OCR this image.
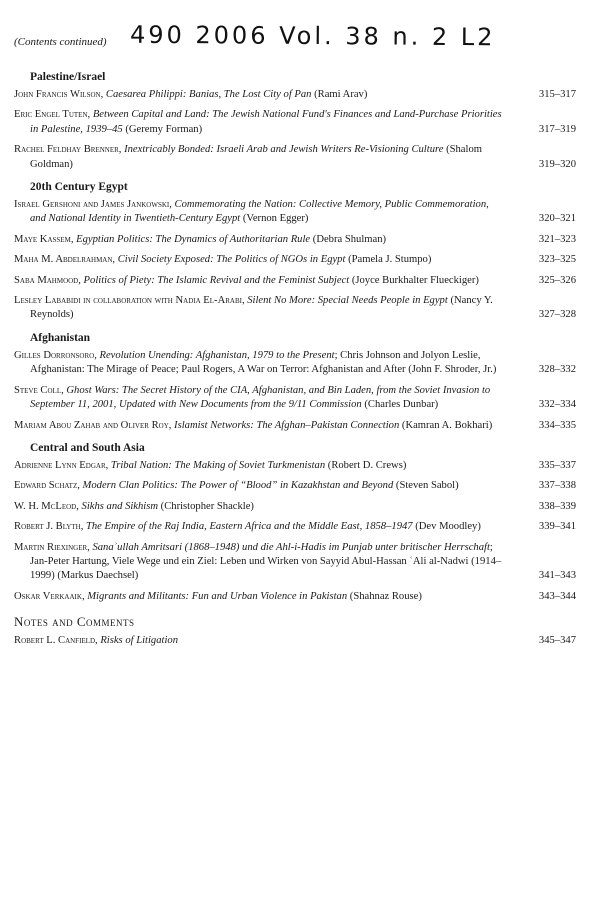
(Contents continued) 490 2006 Vol. 38 n. 2 L2
Palestine/Israel
John Francis Wilson, Caesarea Philippi: Banias, The Lost City of Pan (Rami Arav)	315–317
Eric Engel Tuten, Between Capital and Land: The Jewish National Fund's Finances and Land-Purchase Priorities in Palestine, 1939–45 (Geremy Forman)	317–319
Rachel Feldhay Brenner, Inextricably Bonded: Israeli Arab and Jewish Writers Re-Visioning Culture (Shalom Goldman)	319–320
20th Century Egypt
Israel Gershoni and James Jankowski, Commemorating the Nation: Collective Memory, Public Commemoration, and National Identity in Twentieth-Century Egypt (Vernon Egger)	320–321
Maye Kassem, Egyptian Politics: The Dynamics of Authoritarian Rule (Debra Shulman)	321–323
Maha M. Abdelrahman, Civil Society Exposed: The Politics of NGOs in Egypt (Pamela J. Stumpo)	323–325
Saba Mahmood, Politics of Piety: The Islamic Revival and the Feminist Subject (Joyce Burkhalter Flueckiger)	325–326
Lesley Lababidi in collaboration with Nadia El-Arabi, Silent No More: Special Needs People in Egypt (Nancy Y. Reynolds)	327–328
Afghanistan
Gilles Dorronsoro, Revolution Unending: Afghanistan, 1979 to the Present; Chris Johnson and Jolyon Leslie, Afghanistan: The Mirage of Peace; Paul Rogers, A War on Terror: Afghanistan and After (John F. Shroder, Jr.)	328–332
Steve Coll, Ghost Wars: The Secret History of the CIA, Afghanistan, and Bin Laden, from the Soviet Invasion to September 11, 2001, Updated with New Documents from the 9/11 Commission (Charles Dunbar)	332–334
Mariam Abou Zahab and Oliver Roy, Islamist Networks: The Afghan–Pakistan Connection (Kamran A. Bokhari)	334–335
Central and South Asia
Adrienne Lynn Edgar, Tribal Nation: The Making of Soviet Turkmenistan (Robert D. Crews)	335–337
Edward Schatz, Modern Clan Politics: The Power of “Blood” in Kazakhstan and Beyond (Steven Sabol)	337–338
W. H. McLeod, Sikhs and Sikhism (Christopher Shackle)	338–339
Robert J. Blyth, The Empire of the Raj India, Eastern Africa and the Middle East, 1858–1947 (Dev Moodley)	339–341
Martin Riexinger, Sanaʾullah Amritsari (1868–1948) und die Ahl-i-Hadis im Punjab unter britischer Herrschaft; Jan-Peter Hartung, Viele Wege und ein Ziel: Leben und Wirken von Sayyid Abul-Hassan ʿAli al-Nadwi (1914–1999) (Markus Daechsel)	341–343
Oskar Verkaaik, Migrants and Militants: Fun and Urban Violence in Pakistan (Shahnaz Rouse)	343–344
Notes and Comments
Robert L. Canfield, Risks of Litigation	345–347
